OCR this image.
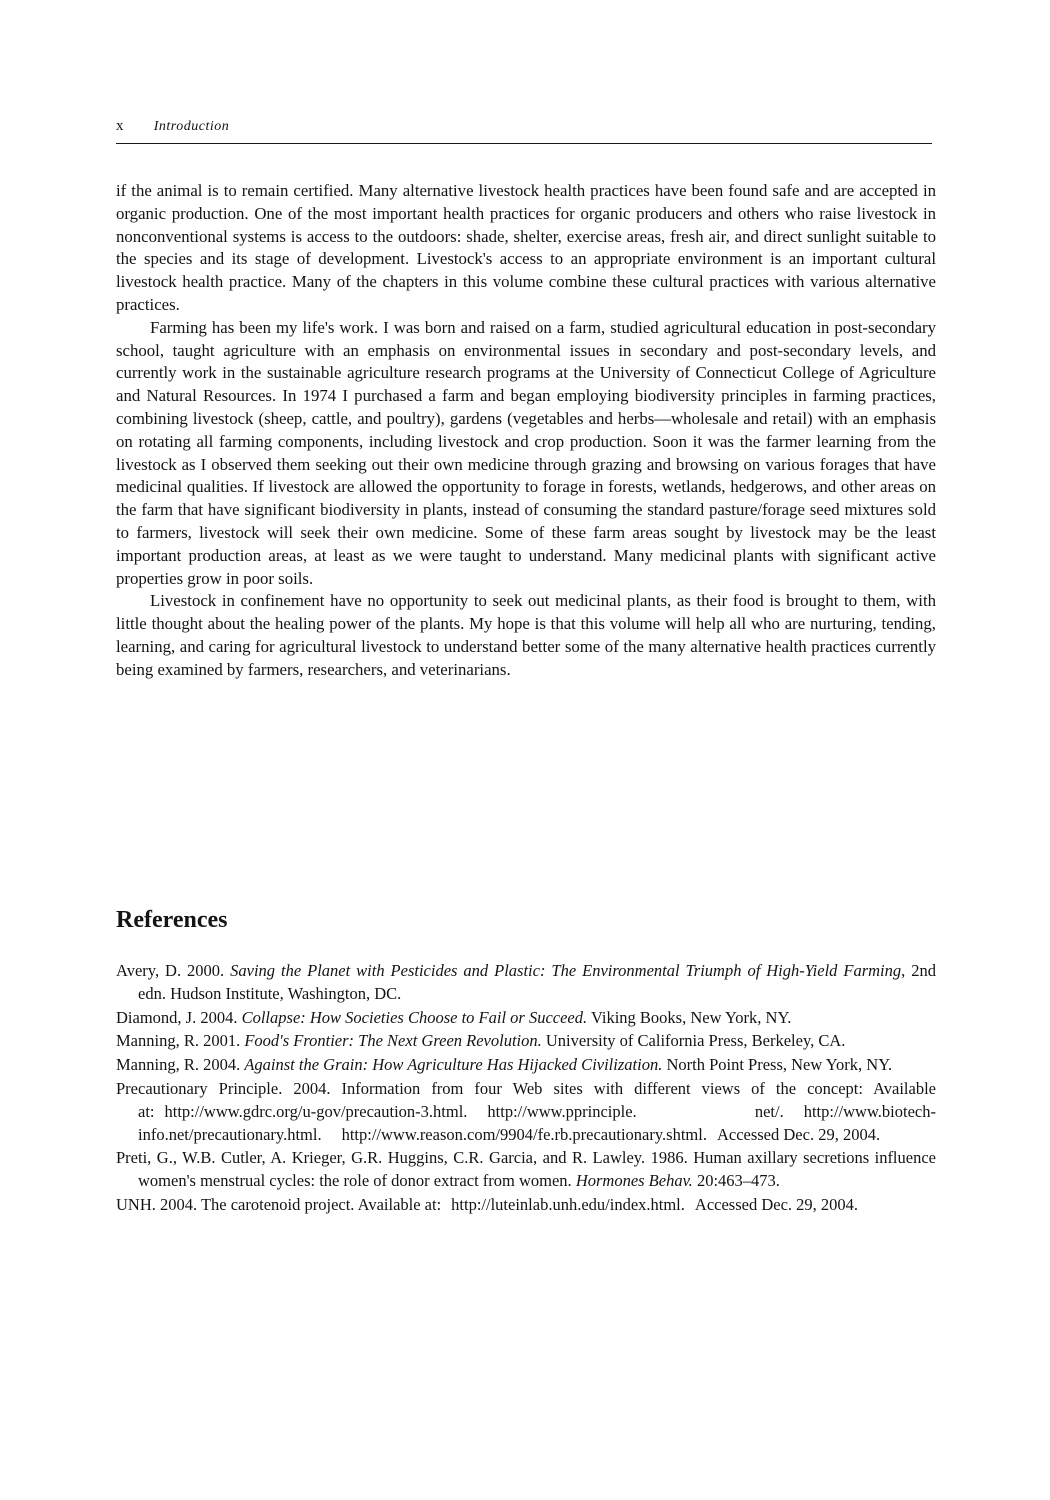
x Introduction

if the animal is to remain certified. Many alternative livestock health practices have been found safe and are accepted in organic production. One of the most important health practices for organic producers and others who raise livestock in nonconventional systems is access to the outdoors: shade, shelter, exercise areas, fresh air, and direct sunlight suitable to the species and its stage of development. Livestock's access to an appropriate environment is an important cultural livestock health practice. Many of the chapters in this volume combine these cultural practices with various alternative practices.

Farming has been my life's work. I was born and raised on a farm, studied agricultural education in post-secondary school, taught agriculture with an emphasis on environmental issues in secondary and post-secondary levels, and currently work in the sustainable agriculture research programs at the University of Connecticut College of Agriculture and Natural Resources. In 1974 I purchased a farm and began employing biodiversity principles in farming practices, combining livestock (sheep, cattle, and poultry), gardens (vegetables and herbs—wholesale and retail) with an emphasis on rotating all farming components, including livestock and crop production. Soon it was the farmer learning from the livestock as I observed them seeking out their own medicine through grazing and browsing on various forages that have medicinal qualities. If livestock are allowed the opportunity to forage in forests, wetlands, hedgerows, and other areas on the farm that have significant biodiversity in plants, instead of consuming the standard pasture/forage seed mixtures sold to farmers, livestock will seek their own medicine. Some of these farm areas sought by livestock may be the least important production areas, at least as we were taught to understand. Many medicinal plants with significant active properties grow in poor soils.

Livestock in confinement have no opportunity to seek out medicinal plants, as their food is brought to them, with little thought about the healing power of the plants. My hope is that this volume will help all who are nurturing, tending, learning, and caring for agricultural livestock to understand better some of the many alternative health practices currently being examined by farmers, researchers, and veterinarians.

References
Avery, D. 2000. Saving the Planet with Pesticides and Plastic: The Environmental Triumph of High-Yield Farming, 2nd edn. Hudson Institute, Washington, DC.
Diamond, J. 2004. Collapse: How Societies Choose to Fail or Succeed. Viking Books, New York, NY.
Manning, R. 2001. Food's Frontier: The Next Green Revolution. University of California Press, Berkeley, CA.
Manning, R. 2004. Against the Grain: How Agriculture Has Hijacked Civilization. North Point Press, New York, NY.
Precautionary Principle. 2004. Information from four Web sites with different views of the concept: Available at: http://www.gdrc.org/u-gov/precaution-3.html. http://www.pprinciple. net/. http://www.biotech-info.net/precautionary.html. http://www.reason.com/9904/fe.rb.precautionary.shtml. Accessed Dec. 29, 2004.
Preti, G., W.B. Cutler, A. Krieger, G.R. Huggins, C.R. Garcia, and R. Lawley. 1986. Human axillary secretions influence women's menstrual cycles: the role of donor extract from women. Hormones Behav. 20:463–473.
UNH. 2004. The carotenoid project. Available at: http://luteinlab.unh.edu/index.html. Accessed Dec. 29, 2004.
